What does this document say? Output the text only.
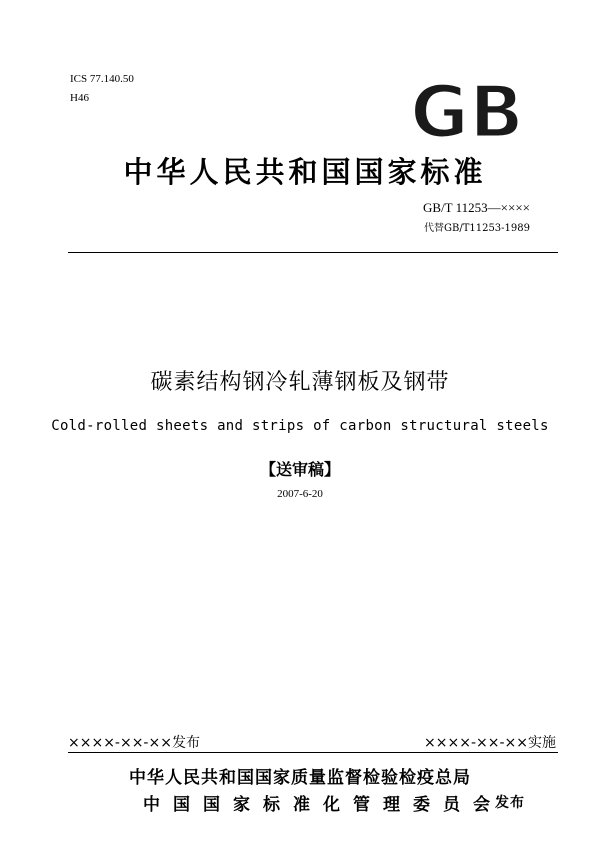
ICS 77.140.50
H46	GB
中华人民共和国国家标准
GB/T 11253—××××
代替GB/T11253-1989
碳素结构钢冷轧薄钢板及钢带
Cold-rolled sheets and strips of carbon structural steels
【送审稿】
2007-6-20
××××-××-××发布	××××-××-××实施
中华人民共和国国家质量监督检验检疫总局
中国国家标准化管理委员会
发布
